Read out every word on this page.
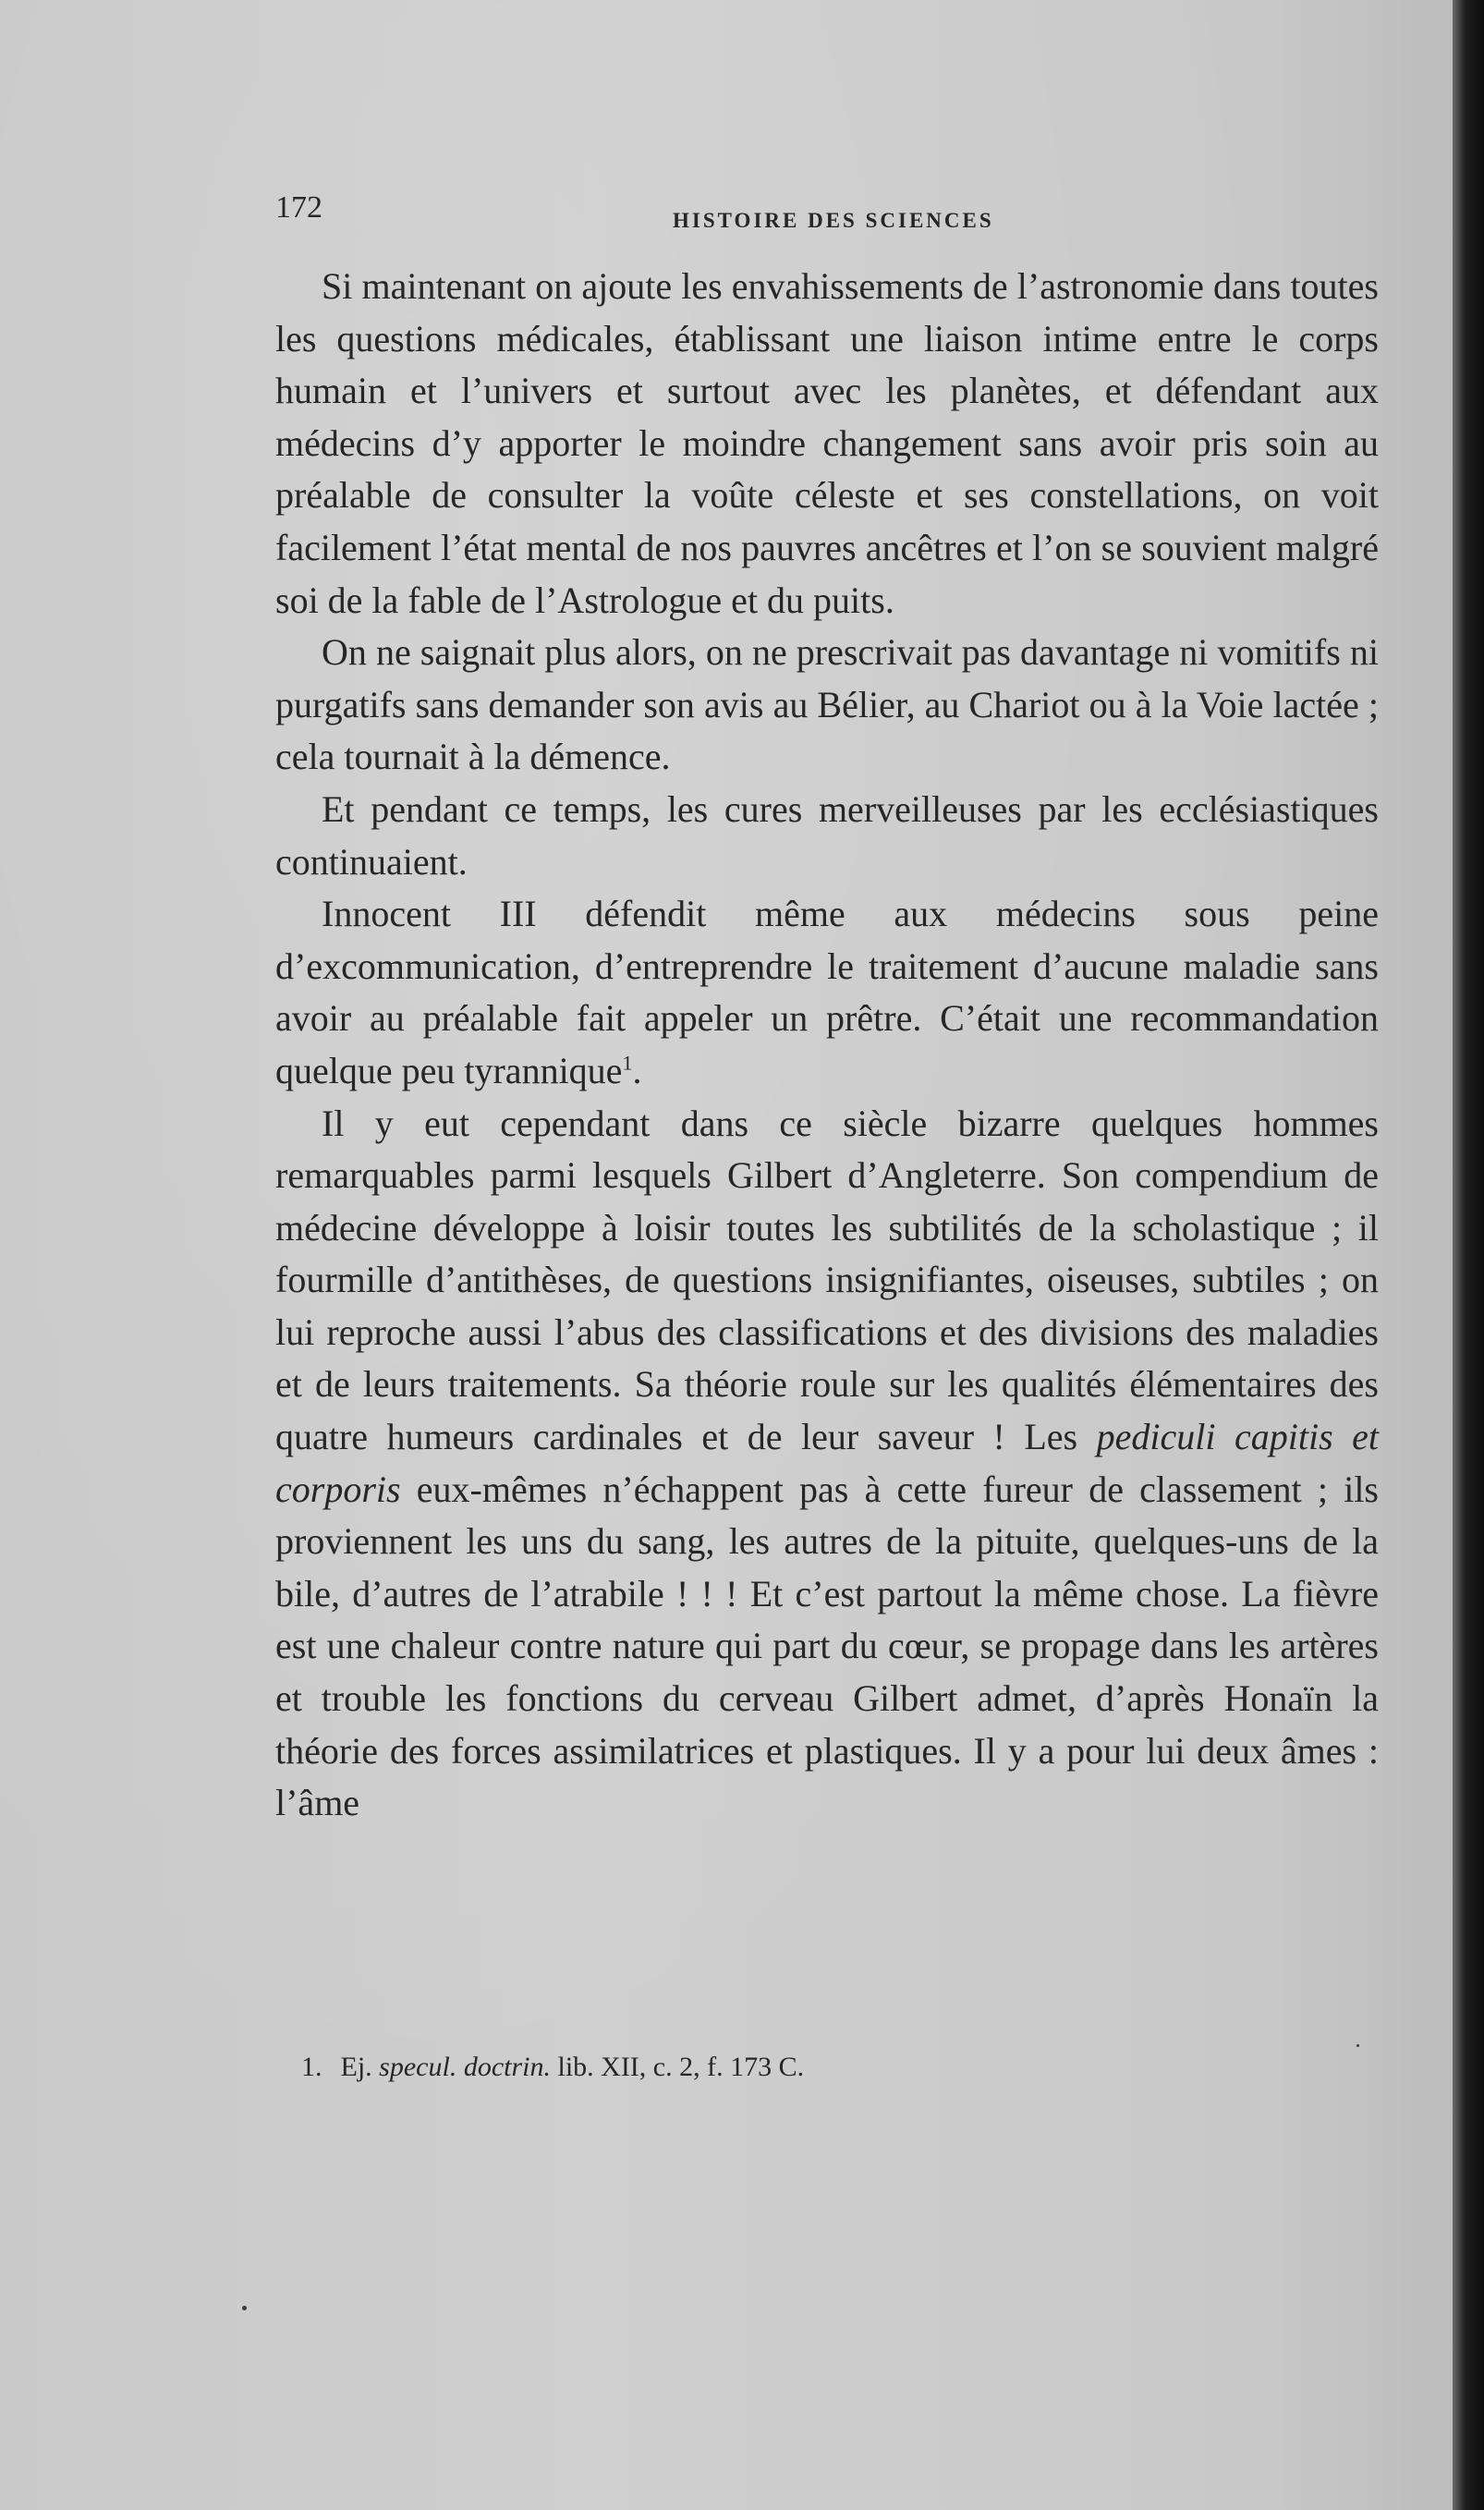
172	HISTOIRE DES SCIENCES

Si maintenant on ajoute les envahissements de l’astronomie dans toutes les questions médicales, établissant une liaison intime entre le corps humain et l’univers et surtout avec les planètes, et défendant aux médecins d’y apporter le moindre changement sans avoir pris soin au préalable de consulter la voûte céleste et ses constellations, on voit facilement l’état mental de nos pauvres ancêtres et l’on se souvient malgré soi de la fable de l’Astrologue et du puits.

On ne saignait plus alors, on ne prescrivait pas davantage ni vomitifs ni purgatifs sans demander son avis au Bélier, au Chariot ou à la Voie lactée ; cela tournait à la démence.

Et pendant ce temps, les cures merveilleuses par les ecclésiastiques continuaient.

Innocent III défendit même aux médecins sous peine d’excommunication, d’entreprendre le traitement d’aucune maladie sans avoir au préalable fait appeler un prêtre. C’était une recommandation quelque peu tyrannique$^1$.

Il y eut cependant dans ce siècle bizarre quelques hommes remarquables parmi lesquels Gilbert d’Angleterre. Son compendium de médecine développe à loisir toutes les subtilités de la scholastique ; il fourmille d’antithèses, de questions insignifiantes, oiseuses, subtiles ; on lui reproche aussi l’abus des classifications et des divisions des maladies et de leurs traitements. Sa théorie roule sur les qualités élémentaires des quatre humeurs cardinales et de leur saveur ! Les pediculi capitis et corporis eux-mêmes n’échappent pas à cette fureur de classement ; ils proviennent les uns du sang, les autres de la pituite, quelques-uns de la bile, d’autres de l’atrabile ! ! ! Et c’est partout la même chose. La fièvre est une chaleur contre nature qui part du cœur, se propage dans les artères et trouble les fonctions du cerveau Gilbert admet, d’après Honaïn la théorie des forces assimilatrices et plastiques. Il y a pour lui deux âmes : l’âme

1. Ej. specul. doctrin. lib. XII, c. 2, f. 173 C.
